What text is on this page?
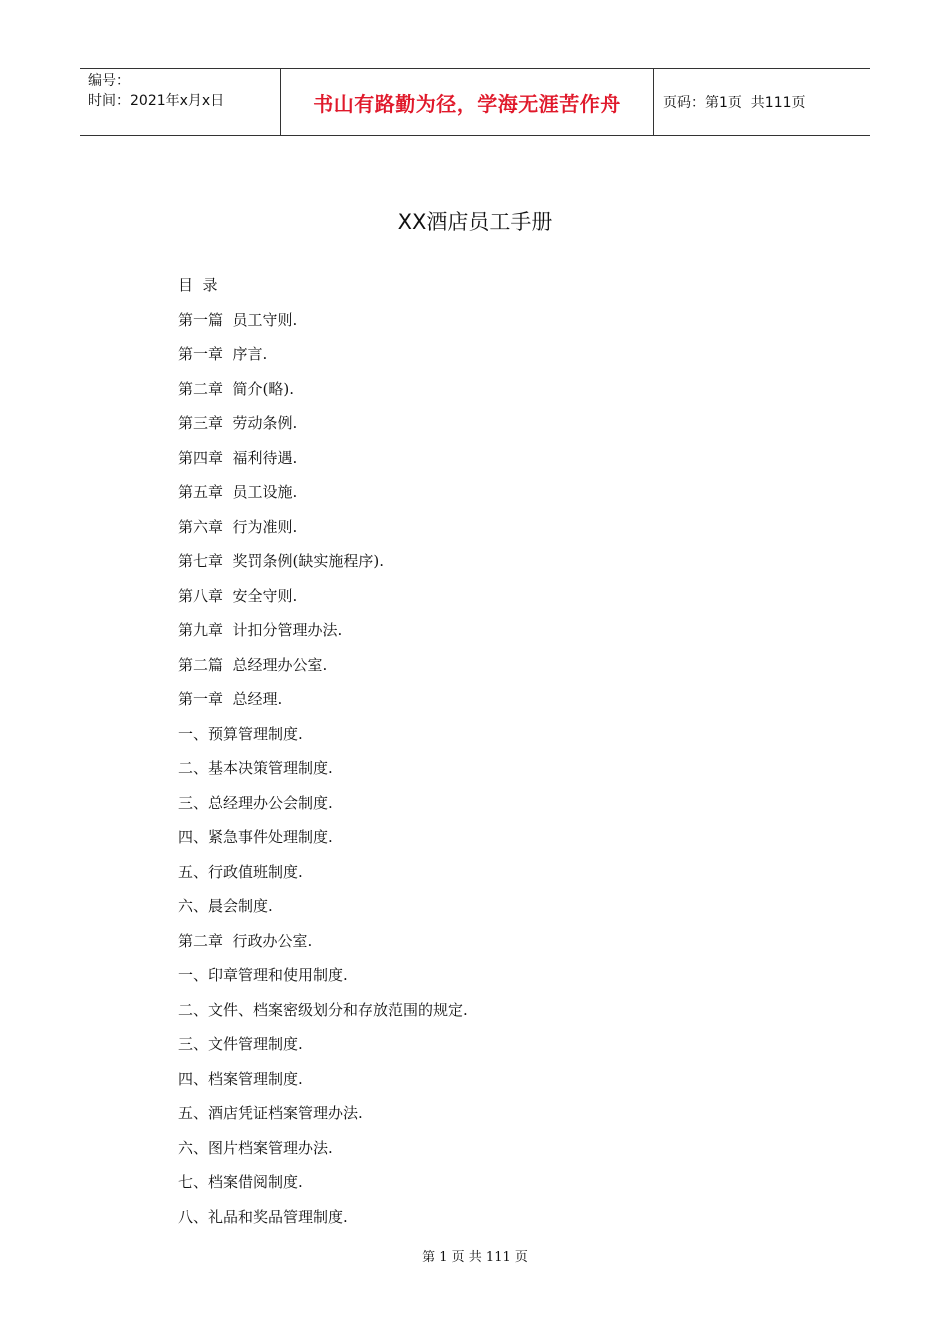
编号：
时间：2021年x月x日	书山有路勤为径，学海无涯苦作舟	页码：第1页  共111页
XX酒店员工手册
目  录
第一篇  员工守则.
第一章  序言.
第二章  简介(略).
第三章  劳动条例.
第四章  福利待遇.
第五章  员工设施.
第六章  行为准则.
第七章  奖罚条例(缺实施程序).
第八章  安全守则.
第九章  计扣分管理办法.
第二篇  总经理办公室.
第一章  总经理.
一、预算管理制度.
二、基本决策管理制度.
三、总经理办公会制度.
四、紧急事件处理制度.
五、行政值班制度.
六、晨会制度.
第二章  行政办公室.
一、印章管理和使用制度.
二、文件、档案密级划分和存放范围的规定.
三、文件管理制度.
四、档案管理制度.
五、酒店凭证档案管理办法.
六、图片档案管理办法.
七、档案借阅制度.
八、礼品和奖品管理制度.
第 1 页 共 111 页
